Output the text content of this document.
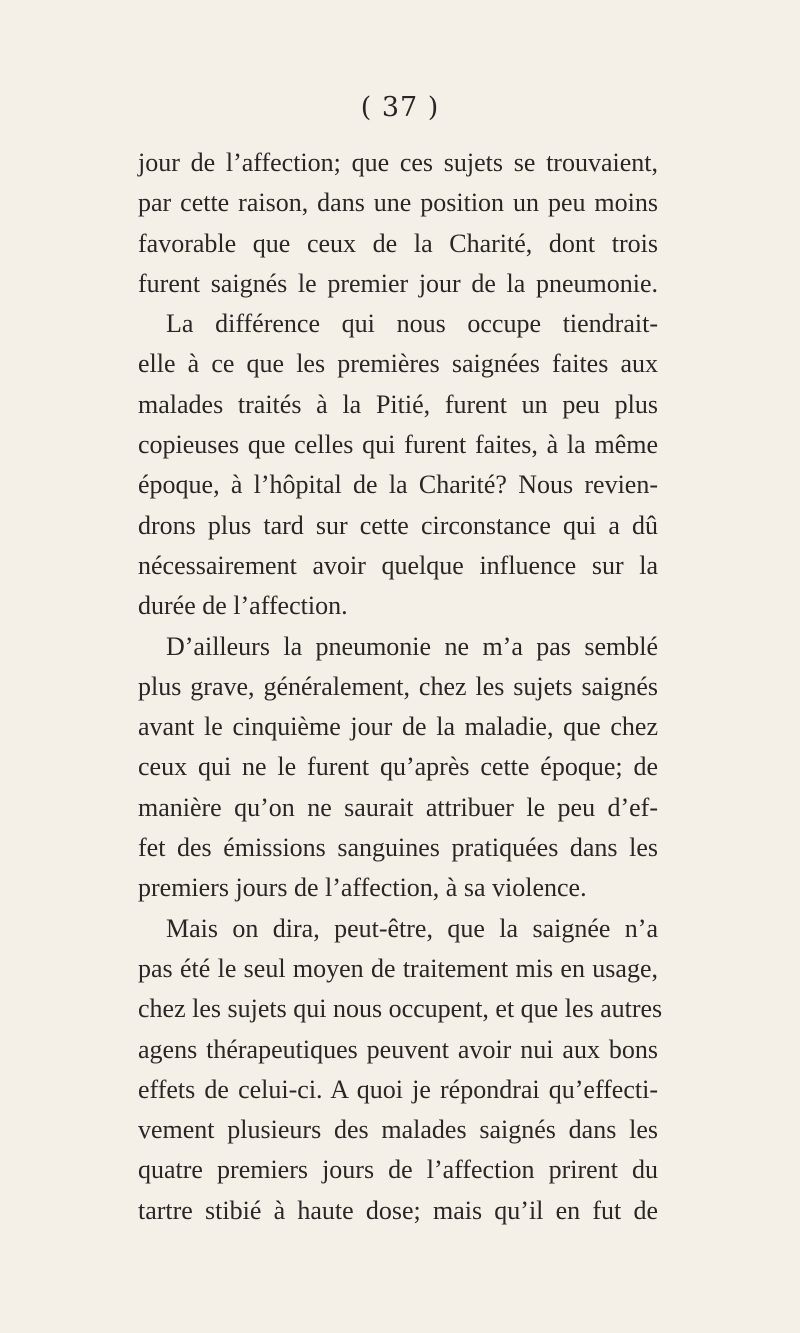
( 37 )
jour de l’affection; que ces sujets se trouvaient,
par cette raison, dans une position un peu moins
favorable que ceux de la Charité, dont trois
furent saignés le premier jour de la pneumonie.
La différence qui nous occupe tiendrait-
elle à ce que les premières saignées faites aux
malades traités à la Pitié, furent un peu plus
copieuses que celles qui furent faites, à la même
époque, à l’hôpital de la Charité? Nous revien-
drons plus tard sur cette circonstance qui a dû
nécessairement avoir quelque influence sur la
durée de l’affection.
D’ailleurs la pneumonie ne m’a pas semblé
plus grave, généralement, chez les sujets saignés
avant le cinquième jour de la maladie, que chez
ceux qui ne le furent qu’après cette époque; de
manière qu’on ne saurait attribuer le peu d’ef-
fet des émissions sanguines pratiquées dans les
premiers jours de l’affection, à sa violence.
Mais on dira, peut-être, que la saignée n’a
pas été le seul moyen de traitement mis en usage,
chez les sujets qui nous occupent, et que les autres
agens thérapeutiques peuvent avoir nui aux bons
effets de celui-ci. A quoi je répondrai qu’effecti-
vement plusieurs des malades saignés dans les
quatre premiers jours de l’affection prirent du
tartre stibié à haute dose; mais qu’il en fut de
